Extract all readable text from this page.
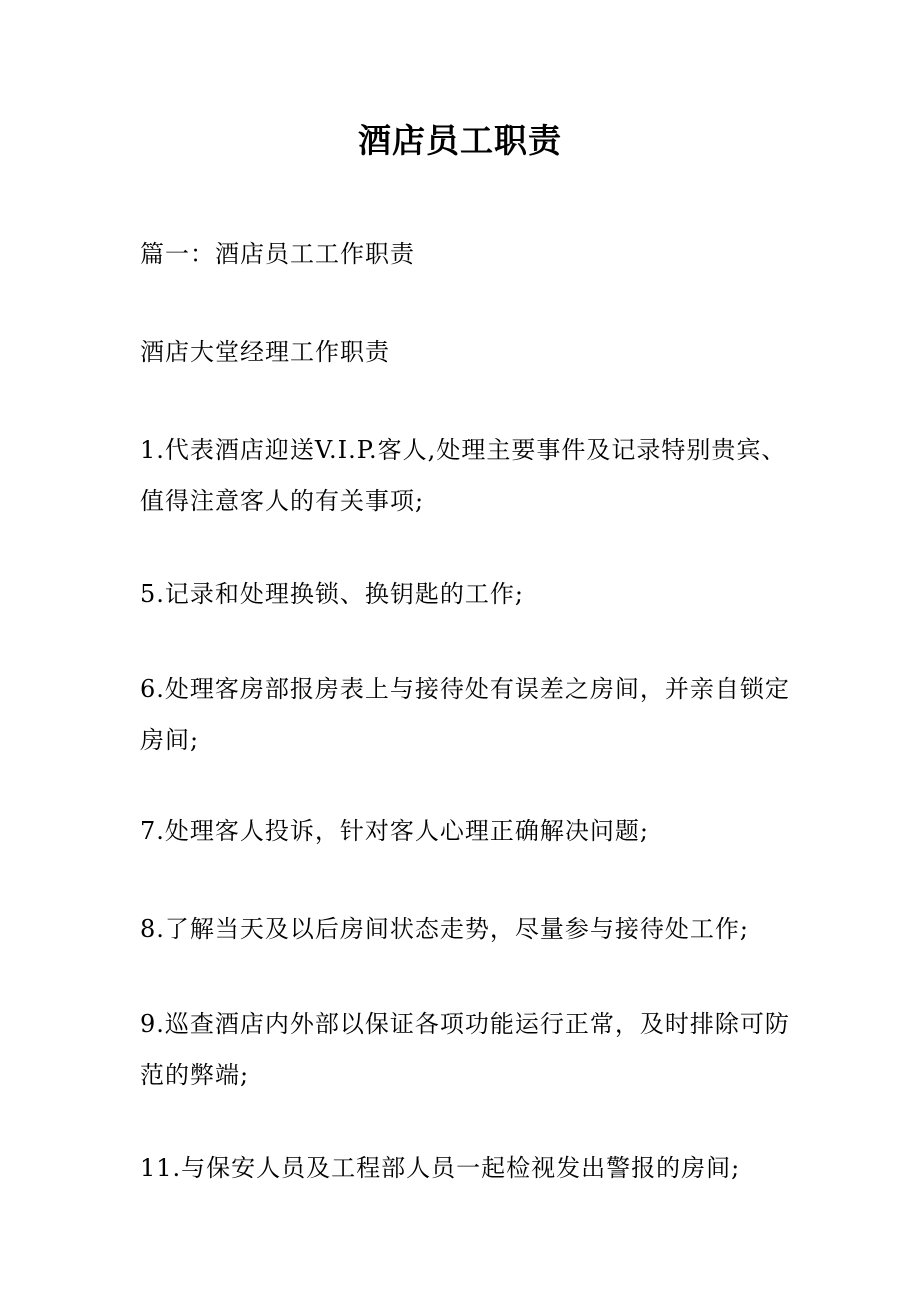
酒店员工职责
篇一：酒店员工工作职责
酒店大堂经理工作职责
1.代表酒店迎送V.I.P.客人,处理主要事件及记录特别贵宾、
值得注意客人的有关事项;
5.记录和处理换锁、换钥匙的工作;
6.处理客房部报房表上与接待处有误差之房间，并亲自锁定
房间;
7.处理客人投诉，针对客人心理正确解决问题;
8.了解当天及以后房间状态走势，尽量参与接待处工作;
9.巡查酒店内外部以保证各项功能运行正常，及时排除可防
范的弊端;
11.与保安人员及工程部人员一起检视发出警报的房间;
